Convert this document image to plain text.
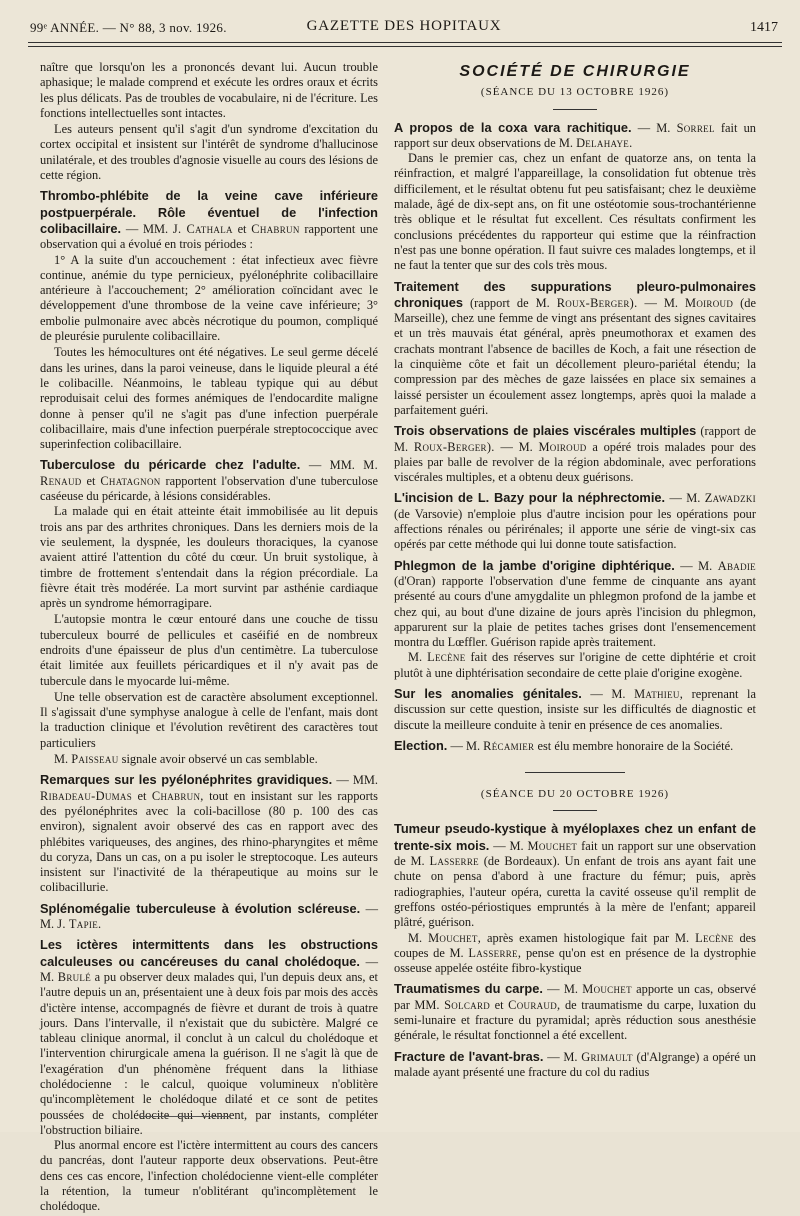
99ᵉ ANNÉE. — N° 88, 3 nov. 1926.	GAZETTE DES HOPITAUX	1417

naître que lorsqu'on les a prononcés devant lui. Aucun trouble aphasique; le malade comprend et exécute les ordres oraux et écrits les plus délicats. Pas de troubles de vocabulaire, ni de l'écriture. Les fonctions intellectuelles sont intactes.

Les auteurs pensent qu'il s'agit d'un syndrome d'excitation du cortex occipital et insistent sur l'intérêt de syndrome d'hallucinose unilatérale, et des troubles d'agnosie visuelle au cours des lésions de cette région.

Thrombo-phlébite de la veine cave inférieure postpuerpérale. Rôle éventuel de l'infection colibacillaire. — MM. J. Cathala et Chabrun rapportent une observation qui a évolué en trois périodes :

1° A la suite d'un accouchement : état infectieux avec fièvre continue, anémie du type pernicieux, pyélonéphrite colibacillaire antérieure à l'accouchement; 2° amélioration coïncidant avec le développement d'une thrombose de la veine cave inférieure; 3° embolie pulmonaire avec abcès nécrotique du poumon, compliqué de pleurésie purulente colibacillaire.

Toutes les hémocultures ont été négatives. Le seul germe décelé dans les urines, dans la paroi veineuse, dans le liquide pleural a été le colibacille. Néanmoins, le tableau typique qui au début reproduisait celui des formes anémiques de l'endocardite maligne donne à penser qu'il ne s'agit pas d'une infection puerpérale colibacillaire, mais d'une infection puerpérale streptococcique avec superinfection colibacillaire.

Tuberculose du péricarde chez l'adulte. — MM. M. Renaud et Chatagnon rapportent l'observation d'une tuberculose caséeuse du péricarde, à lésions considérables.

La malade qui en était atteinte était immobilisée au lit depuis trois ans par des arthrites chroniques. Dans les derniers mois de la vie seulement, la dyspnée, les douleurs thoraciques, la cyanose avaient attiré l'attention du côté du cœur. Un bruit systolique, à timbre de frottement s'entendait dans la région précordiale. La fièvre était très modérée. La mort survint par asthénie cardiaque après un syndrome hémorragipare.

L'autopsie montra le cœur entouré dans une couche de tissu tuberculeux bourré de pellicules et caséifié en de nombreux endroits d'une épaisseur de plus d'un centimètre. La tuberculose était limitée aux feuillets péricardiques et il n'y avait pas de tubercule dans le myocarde lui-même.

Une telle observation est de caractère absolument exceptionnel. Il s'agissait d'une symphyse analogue à celle de l'enfant, mais dont la traduction clinique et l'évolution revêtirent des caractères tout particuliers

M. Paisseau signale avoir observé un cas semblable.

Remarques sur les pyélonéphrites gravidiques. — MM. Ribadeau-Dumas et Chabrun, tout en insistant sur les rapports des pyélonéphrites avec la coli-bacillose (80 p. 100 des cas environ), signalent avoir observé des cas en rapport avec des phlébites variqueuses, des angines, des rhino-pharyngites et même du coryza, Dans un cas, on a pu isoler le streptocoque. Les auteurs insistent sur l'inactivité de la thérapeutique au moins sur le colibacillurie.
Splénomégalie tuberculeuse à évolution scléreuse. — M. J. Tapie.
Les ictères intermittents dans les obstructions calculeuses ou cancéreuses du canal cholédoque. — M. Brulé a pu observer deux malades qui, l'un depuis deux ans, et l'autre depuis un an, présentaient une à deux fois par mois des accès d'ictère intense, accompagnés de fièvre et durant de trois à quatre jours. Dans l'intervalle, il n'existait que du subictère. Malgré ce tableau clinique anormal, il conclut à un calcul du cholédoque et l'intervention chirurgicale amena la guérison. Il ne s'agit là que de l'exagération d'un phénomène fréquent dans la lithiase cholédocienne : le calcul, quoique volumineux n'oblitère qu'incomplètement le cholédoque dilaté et ce sont de petites poussées de cholédocite qui viennent, par instants, compléter l'obstruction biliaire.

Plus anormal encore est l'ictère intermittent au cours des cancers du pancréas, dont l'auteur rapporte deux observations. Peut-être dens ces cas encore, l'infection cholédocienne vient-elle compléter la rétention, la tumeur n'oblitérant qu'incomplètement le cholédoque.

SOCIÉTÉ DE CHIRURGIE
(SÉANCE DU 13 OCTOBRE 1926)
A propos de la coxa vara rachitique. — M. Sorrel fait un rapport sur deux observations de M. Delahaye.

Dans le premier cas, chez un enfant de quatorze ans, on tenta la réinfraction, et malgré l'appareillage, la consolidation fut obtenue très difficilement, et le résultat obtenu fut peu satisfaisant; chez le deuxième malade, âgé de dix-sept ans, on fit une ostéotomie sous-trochantérienne très oblique et le résultat fut excellent. Ces résultats confirment les conclusions précédentes du rapporteur qui estime que la réinfraction n'est pas une bonne opération. Il faut suivre ces malades longtemps, et il ne faut la tenter que sur des cols très mous.

Traitement des suppurations pleuro-pulmonaires chroniques (rapport de M. Roux-Berger). — M. Moiroud (de Marseille), chez une femme de vingt ans présentant des signes cavitaires et un très mauvais état général, après pneumothorax et examen des crachats montrant l'absence de bacilles de Koch, a fait une résection de la cinquième côte et fait un décollement pleuro-pariétal étendu; la compression par des mèches de gaze laissées en place six semaines a laissé persister un écoulement assez longtemps, après quoi la malade a parfaitement guéri.
Trois observations de plaies viscérales multiples (rapport de M. Roux-Berger). — M. Moiroud a opéré trois malades pour des plaies par balle de revolver de la région abdominale, avec perforations viscérales multiples, et a obtenu deux guérisons.
L'incision de L. Bazy pour la néphrectomie. — M. Zawadzki (de Varsovie) n'emploie plus d'autre incision pour les opérations pour affections rénales ou périrénales; il apporte une série de vingt-six cas opérés par cette méthode qui lui donne toute satisfaction.
Phlegmon de la jambe d'origine diphtérique. — M. Abadie (d'Oran) rapporte l'observation d'une femme de cinquante ans ayant présenté au cours d'une amygdalite un phlegmon profond de la jambe et chez qui, au bout d'une dizaine de jours après l'incision du phlegmon, apparurent sur la plaie de petites taches grises dont l'ensemencement montra du Lœffler. Guérison rapide après traitement.

M. Lecène fait des réserves sur l'origine de cette diphtérie et croit plutôt à une diphtérisation secondaire de cette plaie d'origine exogène.

Sur les anomalies génitales. — M. Mathieu, reprenant la discussion sur cette question, insiste sur les difficultés de diagnostic et discute la meilleure conduite à tenir en présence de ces anomalies.
Election. — M. Récamier est élu membre honoraire de la Société.
(SÉANCE DU 20 OCTOBRE 1926)
Tumeur pseudo-kystique à myéloplaxes chez un enfant de trente-six mois. — M. Mouchet fait un rapport sur une observation de M. Lasserre (de Bordeaux). Un enfant de trois ans ayant fait une chute on pensa d'abord à une fracture du fémur; puis, après radiographies, l'auteur opéra, curetta la cavité osseuse qu'il remplit de greffons ostéo-périostiques empruntés à la mère de l'enfant; appareil plâtré, guérison.

M. Mouchet, après examen histologique fait par M. Lecène des coupes de M. Lasserre, pense qu'on est en présence de la dystrophie osseuse appelée ostéite fibro-kystique

Traumatismes du carpe. — M. Mouchet apporte un cas, observé par MM. Solcard et Couraud, de traumatisme du carpe, luxation du semi-lunaire et fracture du pyramidal; après réduction sous anesthésie générale, le résultat fonctionnel a été excellent.
Fracture de l'avant-bras. — M. Grimault (d'Algrange) a opéré un malade ayant présenté une fracture du col du radius
